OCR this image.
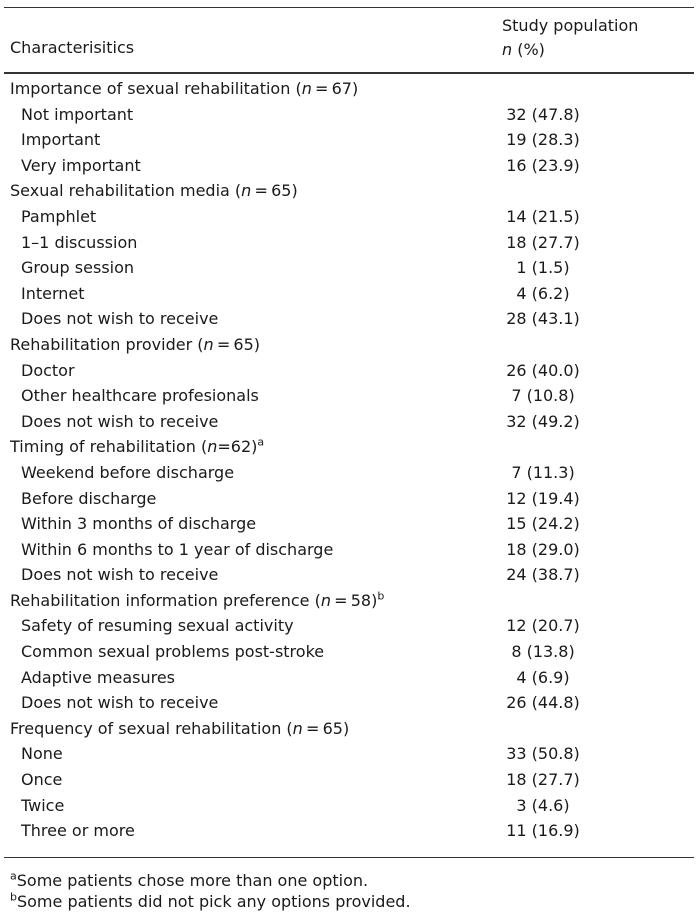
Characterisitics
Study population
n (%)
Importance of sexual rehabilitation (n = 67)
Not important	32 (47.8)
Important	19 (28.3)
Very important	16 (23.9)
Sexual rehabilitation media (n = 65)
Pamphlet	14 (21.5)
1–1 discussion	18 (27.7)
Group session	1 (1.5)
Internet	4 (6.2)
Does not wish to receive	28 (43.1)
Rehabilitation provider (n = 65)
Doctor	26 (40.0)
Other healthcare profesionals	7 (10.8)
Does not wish to receive	32 (49.2)
Timing of rehabilitation (n=62)$^a$
Weekend before discharge	7 (11.3)
Before discharge	12 (19.4)
Within 3 months of discharge	15 (24.2)
Within 6 months to 1 year of discharge	18 (29.0)
Does not wish to receive	24 (38.7)
Rehabilitation information preference (n = 58)$^b$
Safety of resuming sexual activity	12 (20.7)
Common sexual problems post-stroke	8 (13.8)
Adaptive measures	4 (6.9)
Does not wish to receive	26 (44.8)
Frequency of sexual rehabilitation (n = 65)
None	33 (50.8)
Once	18 (27.7)
Twice	3 (4.6)
Three or more	11 (16.9)
$^a$Some patients chose more than one option.
$^b$Some patients did not pick any options provided.
